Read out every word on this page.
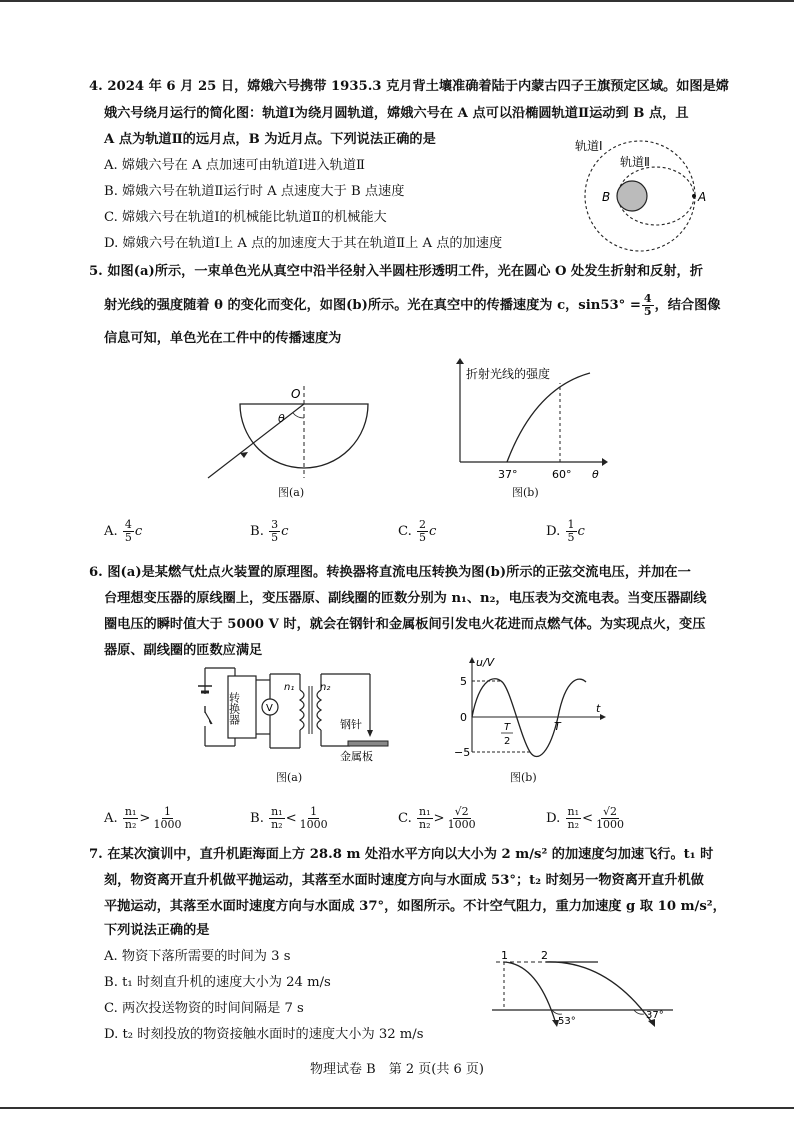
4. 2024 年 6 月 25 日，嫦娥六号携带 1935.3 克月背土壤准确着陆于内蒙古四子王旗预定区域。如图是嫦
娥六号绕月运行的简化图：轨道Ⅰ为绕月圆轨道，嫦娥六号在 A 点可以沿椭圆轨道Ⅱ运动到 B 点，且
A 点为轨道Ⅱ的远月点，B 为近月点。下列说法正确的是
A. 嫦娥六号在 A 点加速可由轨道Ⅰ进入轨道Ⅱ
B. 嫦娥六号在轨道Ⅱ运行时 A 点速度大于 B 点速度
C. 嫦娥六号在轨道Ⅰ的机械能比轨道Ⅱ的机械能大
D. 嫦娥六号在轨道Ⅰ上 A 点的加速度大于其在轨道Ⅱ上 A 点的加速度
轨道Ⅰ
轨道Ⅱ
B	A
5. 如图(a)所示，一束单色光从真空中沿半径射入半圆柱形透明工件，光在圆心 O 处发生折射和反射，折
射光线的强度随着 θ 的变化而变化，如图(b)所示。光在真空中的传播速度为 c，$\sin 53^\circ = \frac{4}{5}$ ，结合图像
信息可知，单色光在工件中的传播速度为
O
θ
图(a)
折射光线的强度
37°	60° θ
图(b)
A. $\frac{4}{5}$ c	B. $\frac{3}{5}$ c	C. $\frac{2}{5}$ c	D. $\frac{1}{5}$ c
6. 图(a)是某燃气灶点火装置的原理图。转换器将直流电压转换为图(b)所示的正弦交流电压，并加在一
台理想变压器的原线圈上，变压器原、副线圈的匝数分别为 n₁、n₂，电压表为交流电表。当变压器副线
圈电压的瞬时值大于 5000 V 时，就会在钢针和金属板间引发电火花进而点燃气体。为实现点火，变压
器原、副线圈的匝数应满足
转换器	V
n₁	n₂
钢针
金属板
图(a)
u/V
5
0
−5
T
2
T
t
图(b)
A. $\frac{\text{n₁}}{\text{n₂}} > \frac{1}{1000}$	B. $\frac{\text{n₁}}{\text{n₂}} < \frac{1}{1000}$	C. $\frac{\text{n₁}}{\text{n₂}} > \frac{√2}{1000}$	D. $\frac{\text{n₁}}{\text{n₂}} < \frac{√2}{1000}$
7. 在某次演训中，直升机距海面上方 28.8 m 处沿水平方向以大小为 2 m/s² 的加速度匀加速飞行。t₁ 时
刻，物资离开直升机做平抛运动，其落至水面时速度方向与水面成 53°；t₂ 时刻另一物资离开直升机做
平抛运动，其落至水面时速度方向与水面成 37°，如图所示。不计空气阻力，重力加速度 g 取 10 m/s²，
下列说法正确的是
A. 物资下落所需要的时间为 3 s
B. t₁ 时刻直升机的速度大小为 24 m/s
C. 两次投送物资的时间间隔是 7 s
D. t₂ 时刻投放的物资接触水面时的速度大小为 32 m/s
1	2
53°
37°
物理试卷 B　第 2 页(共 6 页)
